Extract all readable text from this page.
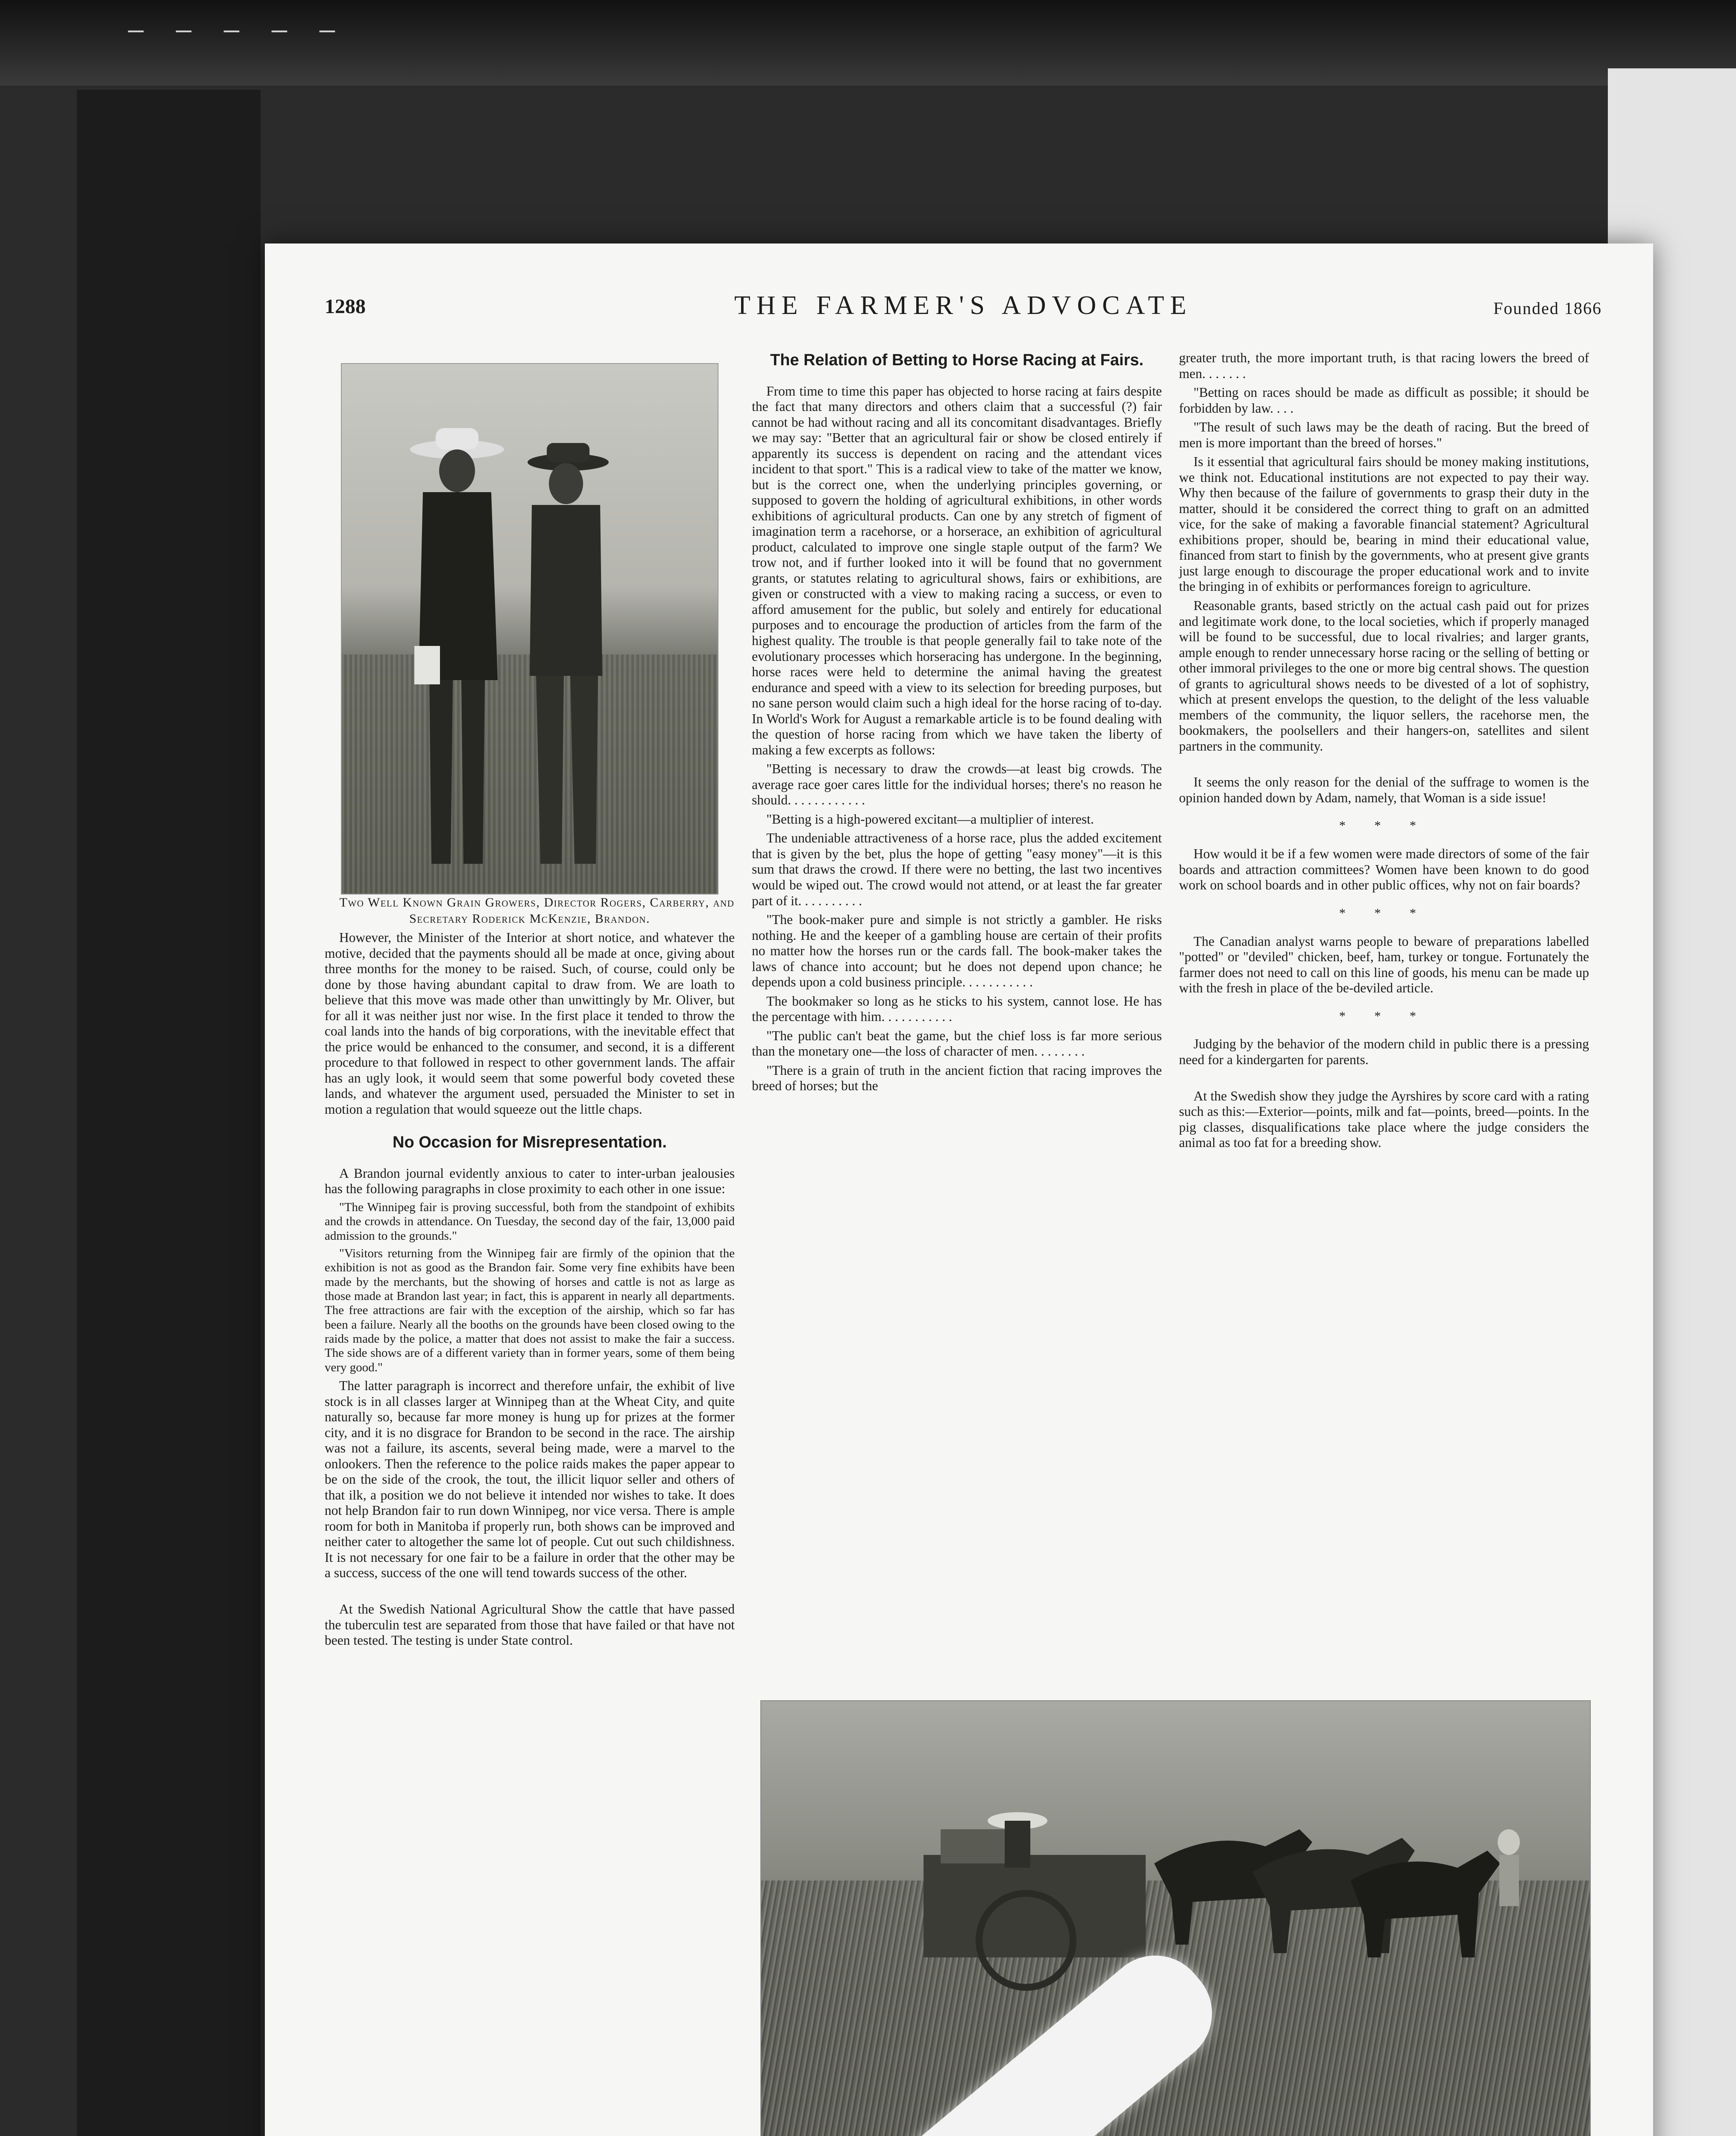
— — — — —
1288	THE FARMER'S ADVOCATE	Founded 1866

Two Well Known Grain Growers, Director Rogers, Carberry, and Secretary Roderick McKenzie, Brandon.

However, the Minister of the Interior at short notice, and whatever the motive, decided that the payments should all be made at once, giving about three months for the money to be raised. Such, of course, could only be done by those having abundant capital to draw from. We are loath to believe that this move was made other than unwittingly by Mr. Oliver, but for all it was neither just nor wise. In the first place it tended to throw the coal lands into the hands of big corporations, with the inevitable effect that the price would be enhanced to the consumer, and second, it is a different procedure to that followed in respect to other government lands. The affair has an ugly look, it would seem that some powerful body coveted these lands, and whatever the argument used, persuaded the Minister to set in motion a regulation that would squeeze out the little chaps.

No Occasion for Misrepresentation.

A Brandon journal evidently anxious to cater to inter-urban jealousies has the following paragraphs in close proximity to each other in one issue:

"The Winnipeg fair is proving successful, both from the standpoint of exhibits and the crowds in attendance. On Tuesday, the second day of the fair, 13,000 paid admission to the grounds."

"Visitors returning from the Winnipeg fair are firmly of the opinion that the exhibition is not as good as the Brandon fair. Some very fine exhibits have been made by the merchants, but the showing of horses and cattle is not as large as those made at Brandon last year; in fact, this is apparent in nearly all departments. The free attractions are fair with the exception of the airship, which so far has been a failure. Nearly all the booths on the grounds have been closed owing to the raids made by the police, a matter that does not assist to make the fair a success. The side shows are of a different variety than in former years, some of them being very good."

The latter paragraph is incorrect and therefore unfair, the exhibit of live stock is in all classes larger at Winnipeg than at the Wheat City, and quite naturally so, because far more money is hung up for prizes at the former city, and it is no disgrace for Brandon to be second in the race. The airship was not a failure, its ascents, several being made, were a marvel to the onlookers. Then the reference to the police raids makes the paper appear to be on the side of the crook, the tout, the illicit liquor seller and others of that ilk, a position we do not believe it intended nor wishes to take. It does not help Brandon fair to run down Winnipeg, nor vice versa. There is ample room for both in Manitoba if properly run, both shows can be improved and neither cater to altogether the same lot of people. Cut out such childishness. It is not necessary for one fair to be a failure in order that the other may be a success, success of the one will tend towards success of the other.

At the Swedish National Agricultural Show the cattle that have passed the tuberculin test are separated from those that have failed or that have not been tested. The testing is under State control.

The Relation of Betting to Horse Racing at Fairs.

From time to time this paper has objected to horse racing at fairs despite the fact that many directors and others claim that a successful (?) fair cannot be had without racing and all its concomitant disadvantages. Briefly we may say: "Better that an agricultural fair or show be closed entirely if apparently its success is dependent on racing and the attendant vices incident to that sport." This is a radical view to take of the matter we know, but is the correct one, when the underlying principles governing, or supposed to govern the holding of agricultural exhibitions, in other words exhibitions of agricultural products. Can one by any stretch of figment of imagination term a racehorse, or a horserace, an exhibition of agricultural product, calculated to improve one single staple output of the farm? We trow not, and if further looked into it will be found that no government grants, or statutes relating to agricultural shows, fairs or exhibitions, are given or constructed with a view to making racing a success, or even to afford amusement for the public, but solely and entirely for educational purposes and to encourage the production of articles from the farm of the highest quality. The trouble is that people generally fail to take note of the evolutionary processes which horseracing has undergone. In the beginning, horse races were held to determine the animal having the greatest endurance and speed with a view to its selection for breeding purposes, but no sane person would claim such a high ideal for the horse racing of to-day. In World's Work for August a remarkable article is to be found dealing with the question of horse racing from which we have taken the liberty of making a few excerpts as follows:

"Betting is necessary to draw the crowds—at least big crowds. The average race goer cares little for the individual horses; there's no reason he should. . . . . . . . . . . .

"Betting is a high-powered excitant—a multiplier of interest.

The undeniable attractiveness of a horse race, plus the added excitement that is given by the bet, plus the hope of getting "easy money"—it is this sum that draws the crowd. If there were no betting, the last two incentives would be wiped out. The crowd would not attend, or at least the far greater part of it. . . . . . . . . .

"The book-maker pure and simple is not strictly a gambler. He risks nothing. He and the keeper of a gambling house are certain of their profits no matter how the horses run or the cards fall. The book-maker takes the laws of chance into account; but he does not depend upon chance; he depends upon a cold business principle. . . . . . . . . . .

The bookmaker so long as he sticks to his system, cannot lose. He has the percentage with him. . . . . . . . . . .

"The public can't beat the game, but the chief loss is far more serious than the monetary one—the loss of character of men. . . . . . . .

"There is a grain of truth in the ancient fiction that racing improves the breed of horses; but the

greater truth, the more important truth, is that racing lowers the breed of men. . . . . . .

"Betting on races should be made as difficult as possible; it should be forbidden by law. . . .

"The result of such laws may be the death of racing. But the breed of men is more important than the breed of horses."

Is it essential that agricultural fairs should be money making institutions, we think not. Educational institutions are not expected to pay their way. Why then because of the failure of governments to grasp their duty in the matter, should it be considered the correct thing to graft on an admitted vice, for the sake of making a favorable financial statement? Agricultural exhibitions proper, should be, bearing in mind their educational value, financed from start to finish by the governments, who at present give grants just large enough to discourage the proper educational work and to invite the bringing in of exhibits or performances foreign to agriculture.

Reasonable grants, based strictly on the actual cash paid out for prizes and legitimate work done, to the local societies, which if properly managed will be found to be successful, due to local rivalries; and larger grants, ample enough to render unnecessary horse racing or the selling of betting or other immoral privileges to the one or more big central shows. The question of grants to agricultural shows needs to be divested of a lot of sophistry, which at present envelops the question, to the delight of the less valuable members of the community, the liquor sellers, the racehorse men, the bookmakers, the poolsellers and their hangers-on, satellites and silent partners in the community.

It seems the only reason for the denial of the suffrage to women is the opinion handed down by Adam, namely, that Woman is a side issue!

* * *

How would it be if a few women were made directors of some of the fair boards and attraction committees? Women have been known to do good work on school boards and in other public offices, why not on fair boards?

* * *

The Canadian analyst warns people to beware of preparations labelled "potted" or "deviled" chicken, beef, ham, turkey or tongue. Fortunately the farmer does not need to call on this line of goods, his menu can be made up with the fresh in place of the be-deviled article.

* * *

Judging by the behavior of the modern child in public there is a pressing need for a kindergarten for parents.

At the Swedish show they judge the Ayrshires by score card with a rating such as this:—Exterior—points, milk and fat—points, breed—points. In the pig classes, disqualifications take place where the judge considers the animal as too fat for a breeding show.
